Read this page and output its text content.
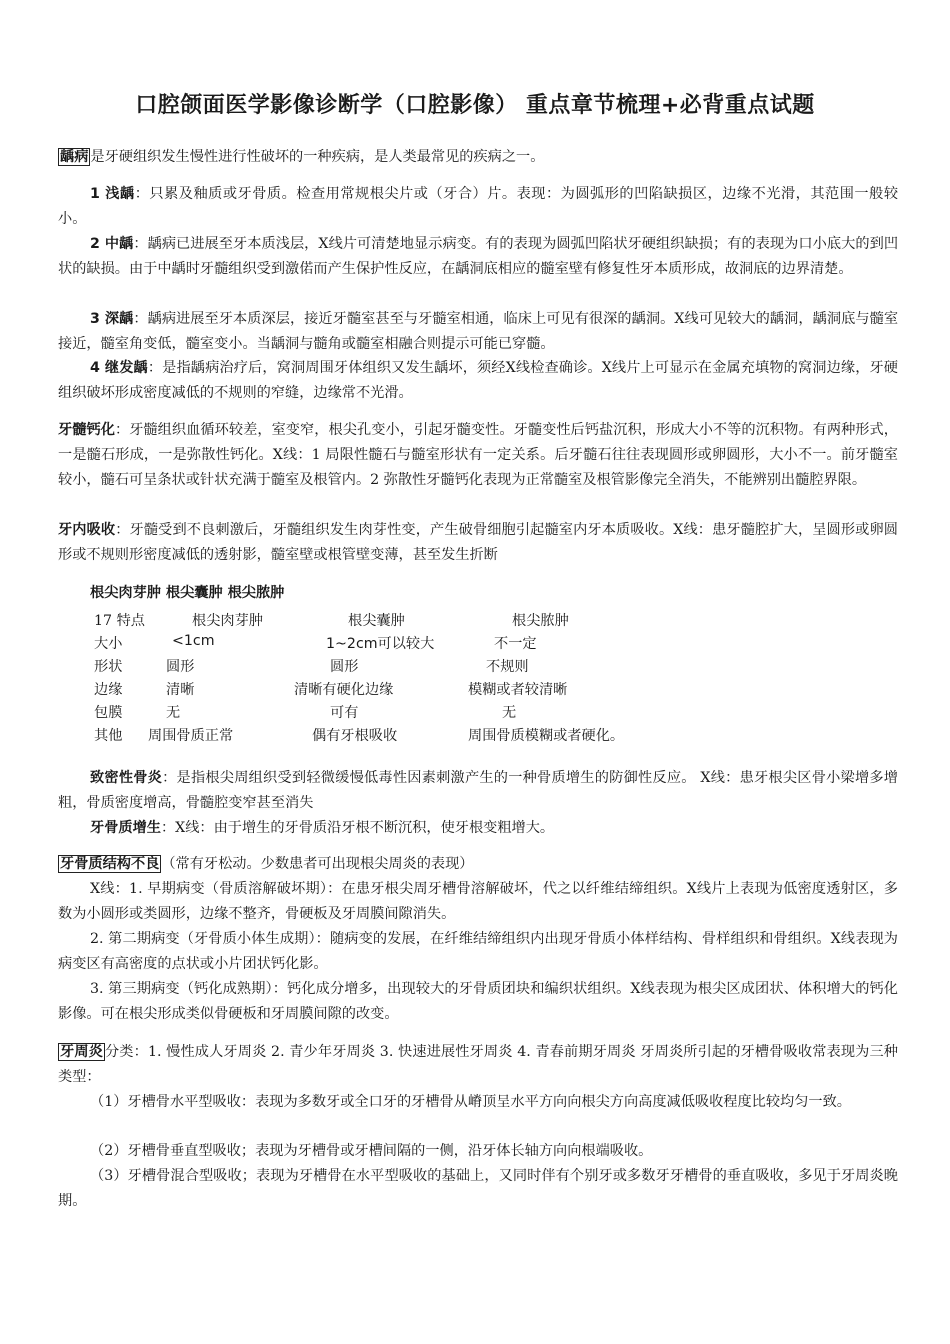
口腔颌面医学影像诊断学（口腔影像） 重点章节梳理+必背重点试题
龋病 是牙硬组织发生慢性进行性破坏的一种疾病，是人类最常见的疾病之一。
1 浅龋：只累及釉质或牙骨质。检查用常规根尖片或（牙合）片。表现：为圆弧形的凹陷缺损区，边缘不光滑，其范围一般较小。
2 中龋：龋病已进展至牙本质浅层，X线片可清楚地显示病变。有的表现为圆弧凹陷状牙硬组织缺损；有的表现为口小底大的到凹状的缺损。由于中龋时牙髓组织受到激偌而产生保护性反应，在龋洞底相应的髓室壁有修复性牙本质形成，故洞底的边界清楚。
3 深龋：龋病进展至牙本质深层，接近牙髓室甚至与牙髓室相通，临床上可见有很深的龋洞。X线可见较大的龋洞，龋洞底与髓室接近，髓室角变低，髓室变小。当龋洞与髓角或髓室相融合则提示可能已穿髓。
4 继发龋：是指龋病治疗后，窝洞周围牙体组织又发生龋坏，须经X线检查确诊。X线片上可显示在金属充填物的窝洞边缘，牙硬组织破坏形成密度减低的不规则的窄缝，边缘常不光滑。
牙髓钙化：牙髓组织血循环较差，室变窄，根尖孔变小，引起牙髓变性。牙髓变性后钙盐沉积，形成大小不等的沉积物。有两种形式，一是髓石形成，一是弥散性钙化。X线：1 局限性髓石与髓室形状有一定关系。后牙髓石往往表现圆形或卵圆形，大小不一。前牙髓室较小，髓石可呈条状或针状充满于髓室及根管内。2 弥散性牙髓钙化表现为正常髓室及根管影像完全消失，不能辨别出髓腔界限。
牙内吸收：牙髓受到不良刺激后，牙髓组织发生肉芽性变，产生破骨细胞引起髓室内牙本质吸收。X线：患牙髓腔扩大，呈圆形或卵圆形或不规则形密度减低的透射影，髓室壁或根管壁变薄，甚至发生折断
根尖肉芽肿 根尖囊肿 根尖脓肿
17 特点	根尖肉芽肿	根尖囊肿	根尖脓肿
大小	<1cm	1~2cm可以较大	不一定
形状	圆形	圆形	不规则
边缘	清晰	清晰有硬化边缘	模糊或者较清晰
包膜	无	可有	无
其他 周围骨质正常	偶有牙根吸收	周围骨质模糊或者硬化。
致密性骨炎：是指根尖周组织受到轻微缓慢低毒性因素刺激产生的一种骨质增生的防御性反应。 X线：患牙根尖区骨小梁增多增粗，骨质密度增高，骨髓腔变窄甚至消失
牙骨质增生：X线：由于增生的牙骨质沿牙根不断沉积，使牙根变粗增大。
牙骨质结构不良 （常有牙松动。少数患者可出现根尖周炎的表现）
X线：1. 早期病变（骨质溶解破坏期）：在患牙根尖周牙槽骨溶解破坏，代之以纤维结缔组织。X线片上表现为低密度透射区，多数为小圆形或类圆形，边缘不整齐，骨硬板及牙周膜间隙消失。
2. 第二期病变（牙骨质小体生成期）：随病变的发展，在纤维结缔组织内出现牙骨质小体样结构、骨样组织和骨组织。X线表现为病变区有高密度的点状或小片团状钙化影。
3. 第三期病变（钙化成熟期）：钙化成分增多，出现较大的牙骨质团块和编织状组织。X线表现为根尖区成团状、体积增大的钙化影像。可在根尖形成类似骨硬板和牙周膜间隙的改变。
牙周炎 分类：1. 慢性成人牙周炎 2. 青少年牙周炎 3. 快速进展性牙周炎 4. 青春前期牙周炎 牙周炎所引起的牙槽骨吸收常表现为三种类型：
（1）牙槽骨水平型吸收：表现为多数牙或全口牙的牙槽骨从嵴顶呈水平方向向根尖方向高度减低吸收程度比较均匀一致。
（2）牙槽骨垂直型吸收；表现为牙槽骨或牙槽间隔的一侧，沿牙体长轴方向向根端吸收。
（3）牙槽骨混合型吸收；表现为牙槽骨在水平型吸收的基础上，又同时伴有个别牙或多数牙牙槽骨的垂直吸收，多见于牙周炎晚期。
